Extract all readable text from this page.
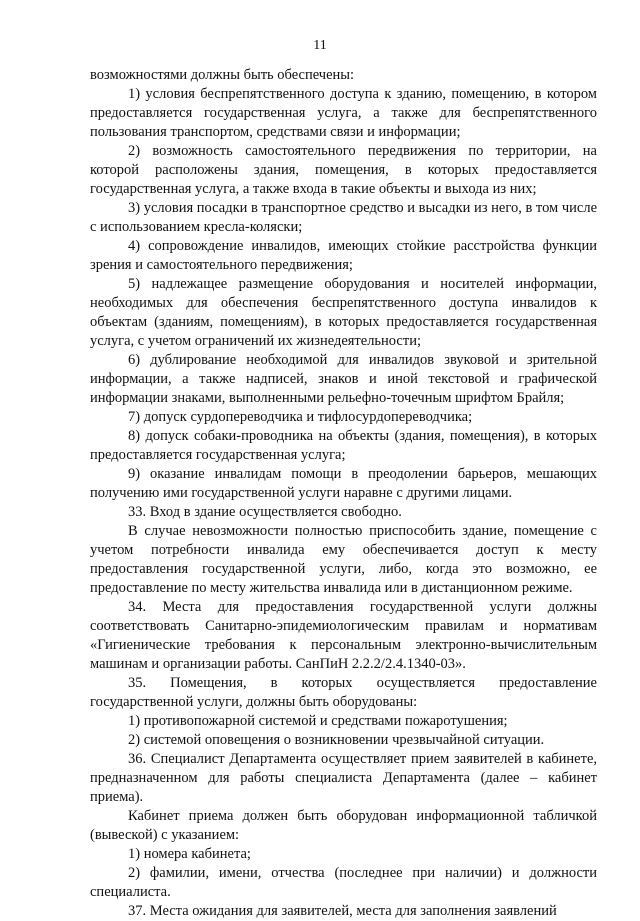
11

возможностями должны быть обеспечены:

1) условия беспрепятственного доступа к зданию, помещению, в котором предоставляется государственная услуга, а также для беспрепятственного пользования транспортом, средствами связи и информации;

2) возможность самостоятельного передвижения по территории, на которой расположены здания, помещения, в которых предоставляется государственная услуга, а также входа в такие объекты и выхода из них;

3) условия посадки в транспортное средство и высадки из него, в том числе с использованием кресла-коляски;

4) сопровождение инвалидов, имеющих стойкие расстройства функции зрения и самостоятельного передвижения;

5) надлежащее размещение оборудования и носителей информации, необходимых для обеспечения беспрепятственного доступа инвалидов к объектам (зданиям, помещениям), в которых предоставляется государственная услуга, с учетом ограничений их жизнедеятельности;

6) дублирование необходимой для инвалидов звуковой и зрительной информации, а также надписей, знаков и иной текстовой и графической информации знаками, выполненными рельефно-точечным шрифтом Брайля;

7) допуск сурдопереводчика и тифлосурдопереводчика;

8) допуск собаки-проводника на объекты (здания, помещения), в которых предоставляется государственная услуга;

9) оказание инвалидам помощи в преодолении барьеров, мешающих получению ими государственной услуги наравне с другими лицами.

33. Вход в здание осуществляется свободно.

В случае невозможности полностью приспособить здание, помещение с учетом потребности инвалида ему обеспечивается доступ к месту предоставления государственной услуги, либо, когда это возможно, ее предоставление по месту жительства инвалида или в дистанционном режиме.

34. Места для предоставления государственной услуги должны соответствовать Санитарно-эпидемиологическим правилам и нормативам «Гигиенические требования к персональным электронно-вычислительным машинам и организации работы. СанПиН 2.2.2/2.4.1340-03».

35. Помещения, в которых осуществляется предоставление государственной услуги, должны быть оборудованы:

1) противопожарной системой и средствами пожаротушения;

2) системой оповещения о возникновении чрезвычайной ситуации.

36. Специалист Департамента осуществляет прием заявителей в кабинете, предназначенном для работы специалиста Департамента (далее – кабинет приема).

Кабинет приема должен быть оборудован информационной табличкой (вывеской) с указанием:

1) номера кабинета;

2) фамилии, имени, отчества (последнее при наличии) и должности специалиста.

37. Места ожидания для заявителей, места для заполнения заявлений
